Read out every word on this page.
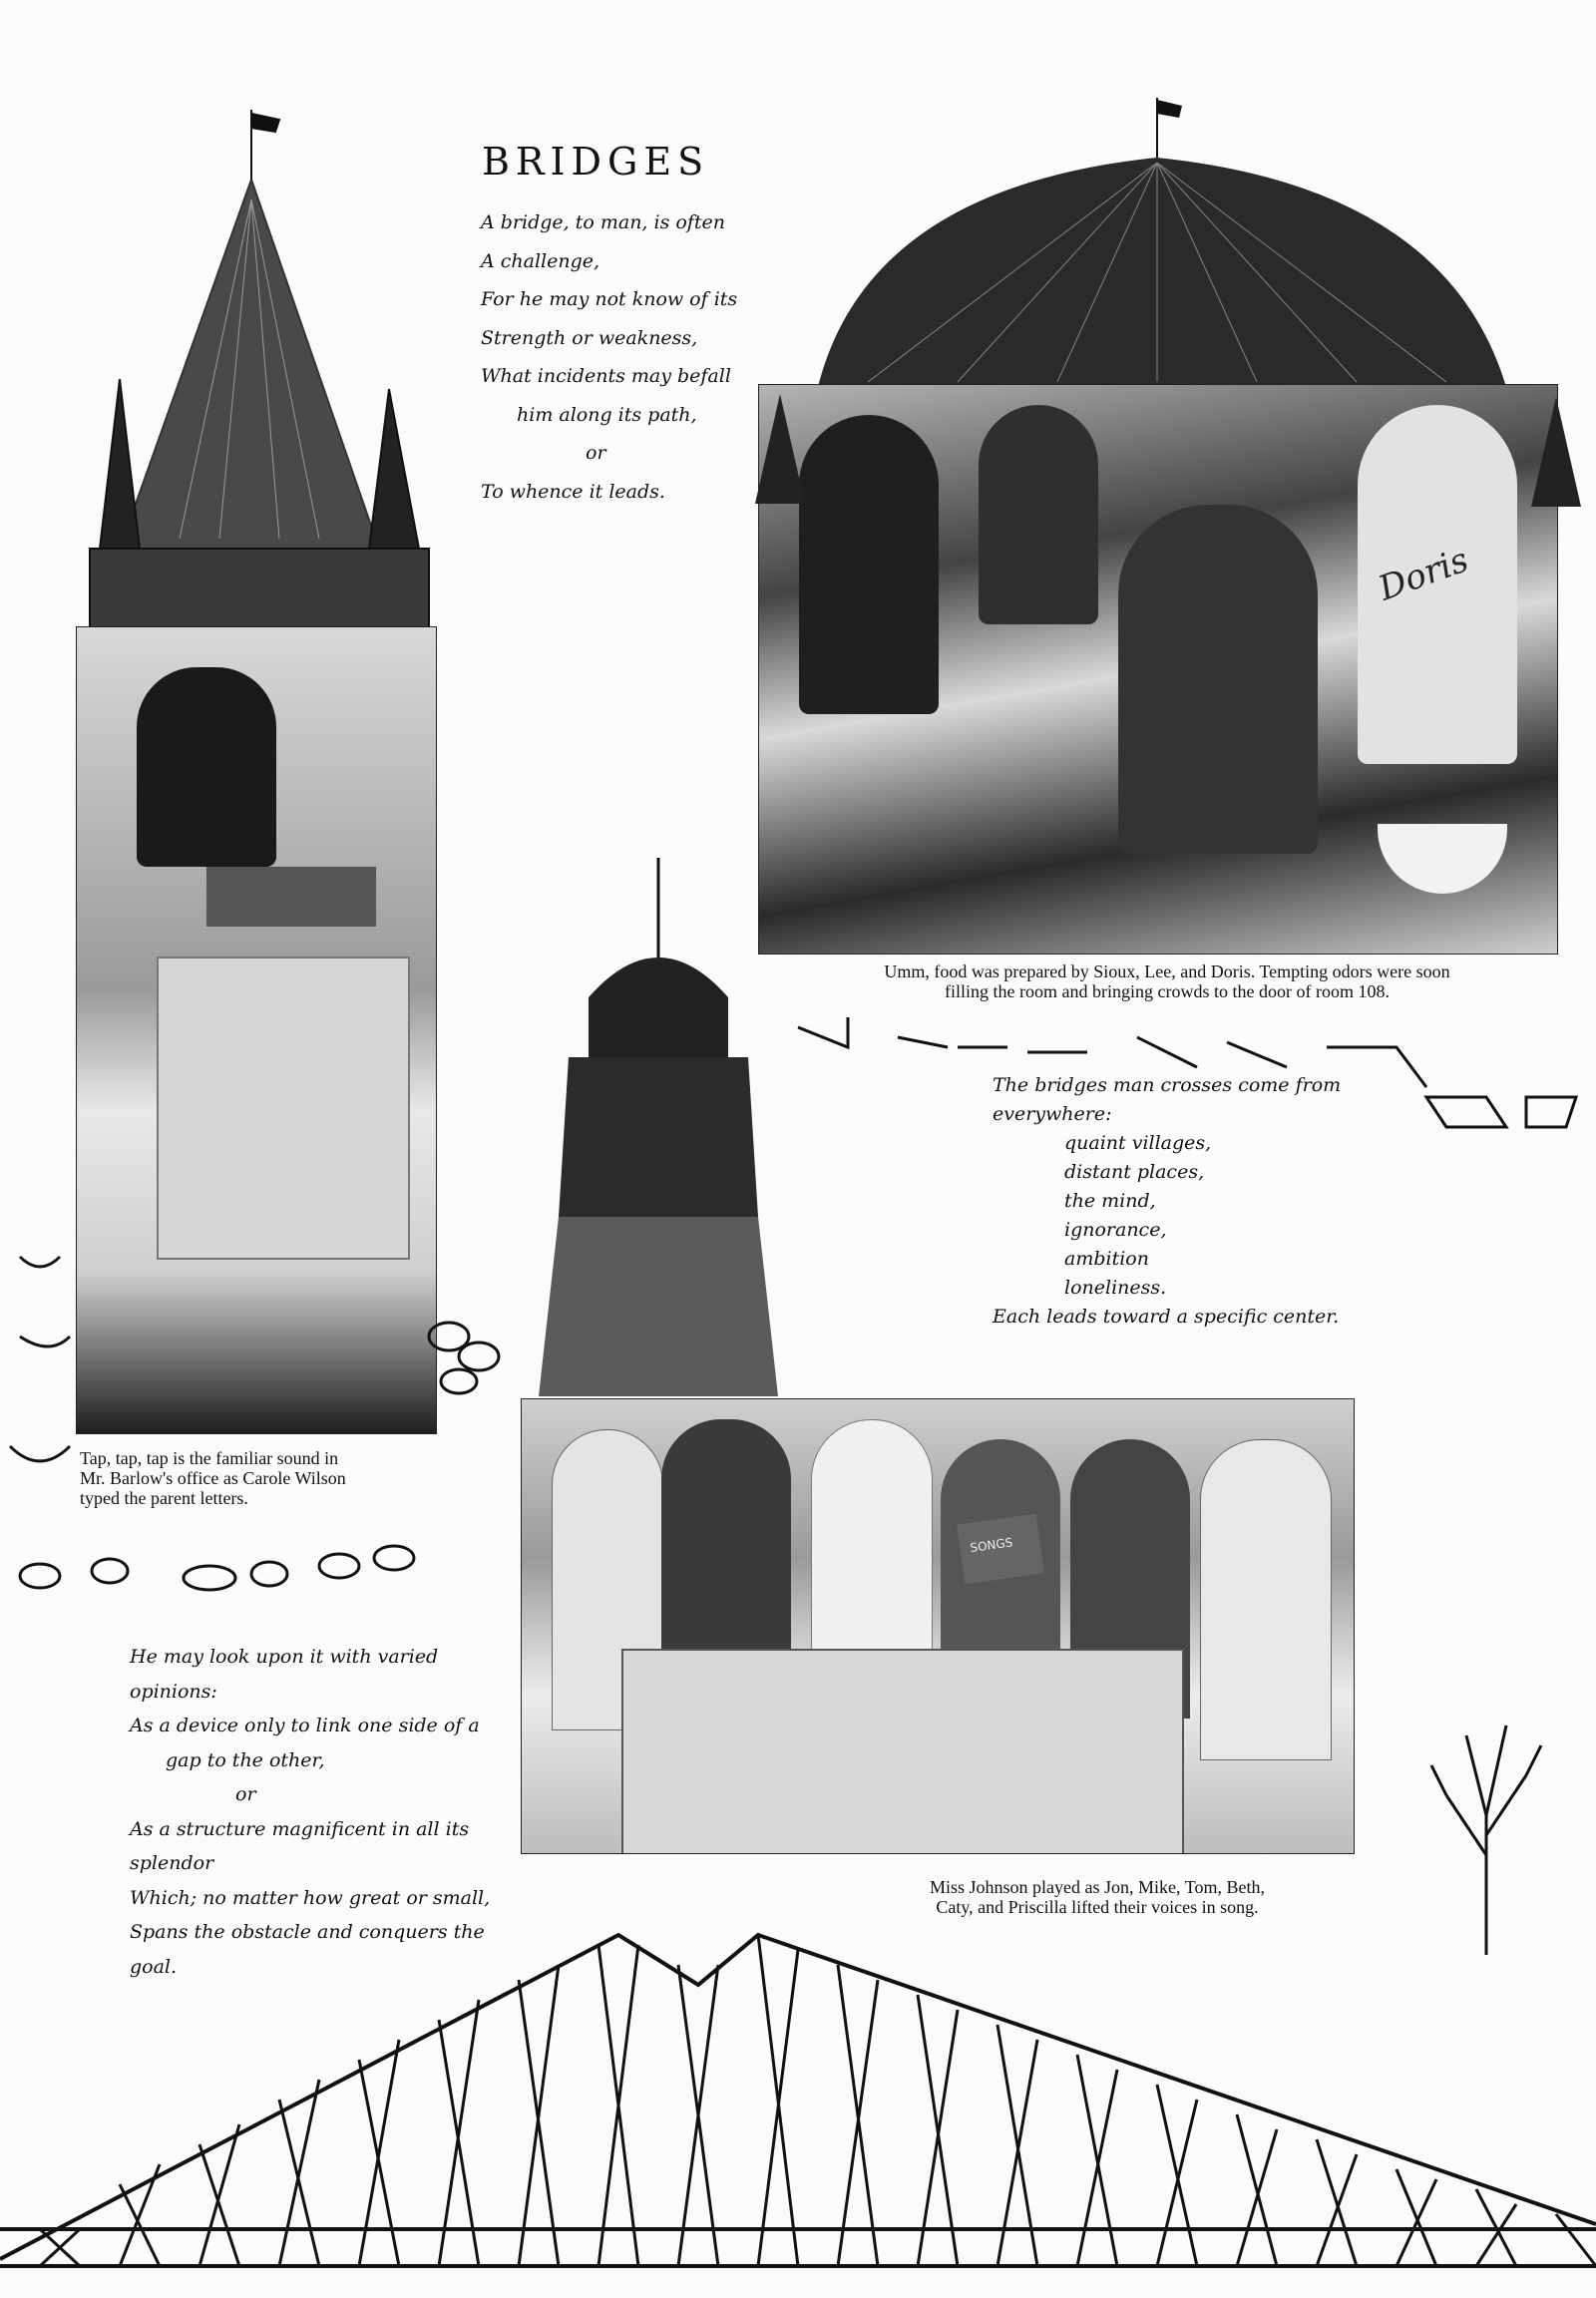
Tap, tap, tap is the familiar sound in
Mr. Barlow's office as Carole Wilson
typed the parent letters.
BRIDGES
A bridge, to man, is often
A challenge,
For he may not know of its
Strength or weakness,
What incidents may befall
him along its path,
or
To whence it leads.
Doris
Umm, food was prepared by Sioux, Lee, and Doris. Tempting odors were soon
filling the room and bringing crowds to the door of room 108.
The bridges man crosses come from
everywhere:
quaint villages,
distant places,
the mind,
ignorance,
ambition
loneliness.
Each leads toward a specific center.
SONGS
Miss Johnson played as Jon, Mike, Tom, Beth,
Caty, and Priscilla lifted their voices in song.
He may look upon it with varied
opinions:
As a device only to link one side of a
gap to the other,
or
As a structure magnificent in all its
splendor
Which; no matter how great or small,
Spans the obstacle and conquers the
goal.
